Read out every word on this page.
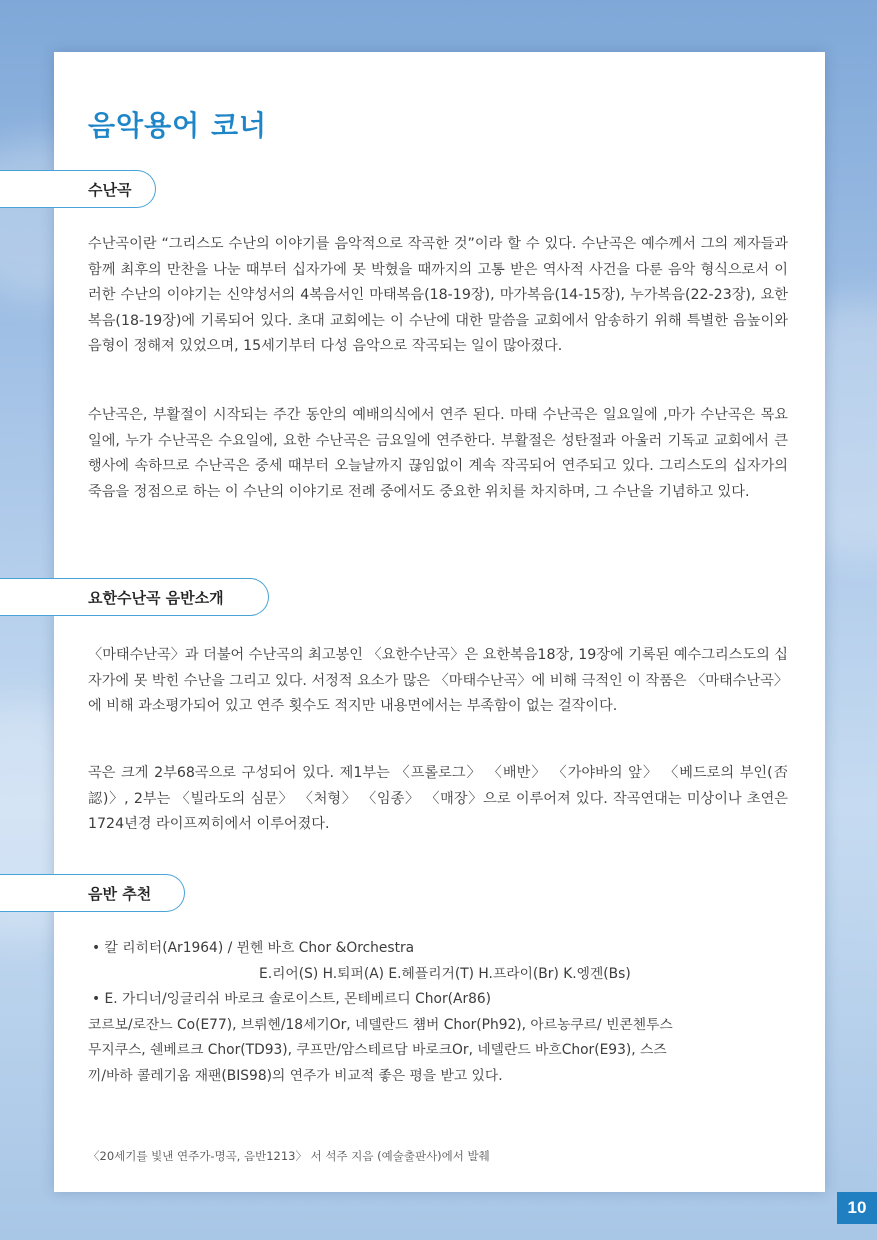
음악용어 코너
수난곡

수난곡이란 “그리스도 수난의 이야기를 음악적으로 작곡한 것”이라 할 수 있다. 수난곡은 예수께서 그의 제자들과 함께 최후의 만찬을 나눈 때부터 십자가에 못 박혔을 때까지의 고통 받은 역사적 사건을 다룬 음악 형식으로서 이러한 수난의 이야기는 신약성서의 4복음서인 마태복음(18-19장), 마가복음(14-15장), 누가복음(22-23장), 요한 복음(18-19장)에 기록되어 있다. 초대 교회에는 이 수난에 대한 말씀을 교회에서 암송하기 위해 특별한 음높이와 음형이 정해져 있었으며, 15세기부터 다성 음악으로 작곡되는 일이 많아졌다.

수난곡은, 부활절이 시작되는 주간 동안의 예배의식에서 연주 된다. 마태 수난곡은 일요일에 ,마가 수난곡은 목요일에, 누가 수난곡은 수요일에, 요한 수난곡은 금요일에 연주한다. 부활절은 성탄절과 아울러 기독교 교회에서 큰 행사에 속하므로 수난곡은 중세 때부터 오늘날까지 끊임없이 계속 작곡되어 연주되고 있다. 그리스도의 십자가의 죽음을 정점으로 하는 이 수난의 이야기로 전례 중에서도 중요한 위치를 차지하며, 그 수난을 기념하고 있다.

요한수난곡 음반소개

〈마태수난곡〉과 더불어 수난곡의 최고봉인 〈요한수난곡〉은 요한복음18장, 19장에 기록된 예수그리스도의 십자가에 못 박힌 수난을 그리고 있다. 서정적 요소가 많은 〈마태수난곡〉에 비해 극적인 이 작품은 〈마태수난곡〉에 비해 과소평가되어 있고 연주 횟수도 적지만 내용면에서는 부족함이 없는 걸작이다.

곡은 크게 2부68곡으로 구성되어 있다. 제1부는 〈프롤로그〉 〈배반〉 〈가야바의 앞〉 〈베드로의 부인(否認)〉, 2부는 〈빌라도의 심문〉 〈처형〉 〈임종〉 〈매장〉으로 이루어져 있다. 작곡연대는 미상이나 초연은 1724년경 라이프찌히에서 이루어졌다.

음반 추천
• 칼 리히터(Ar1964) / 뮌헨 바흐 Chor &Orchestra
E.리어(S) H.퇴퍼(A) E.헤플리거(T) H.프라이(Br) K.엥겐(Bs)
• E. 가디너/잉글리쉬 바로크 솔로이스트, 몬테베르디 Chor(Ar86)
코르보/로잔느 Co(E77), 브뤼헨/18세기Or, 네델란드 첌버 Chor(Ph92), 아르농쿠르/ 빈콘첸투스
무지쿠스, 쉔베르크 Chor(TD93), 쿠프만/암스테르담 바로크Or, 네델란드 바흐Chor(E93), 스즈
끼/바하 콜레기움 재팬(BIS98)의 연주가 비교적 좋은 평을 받고 있다.

〈20세기를 빛낸 연주가-명곡, 음반1213〉 서 석주 지음 (예술출판사)에서 발췌

10
